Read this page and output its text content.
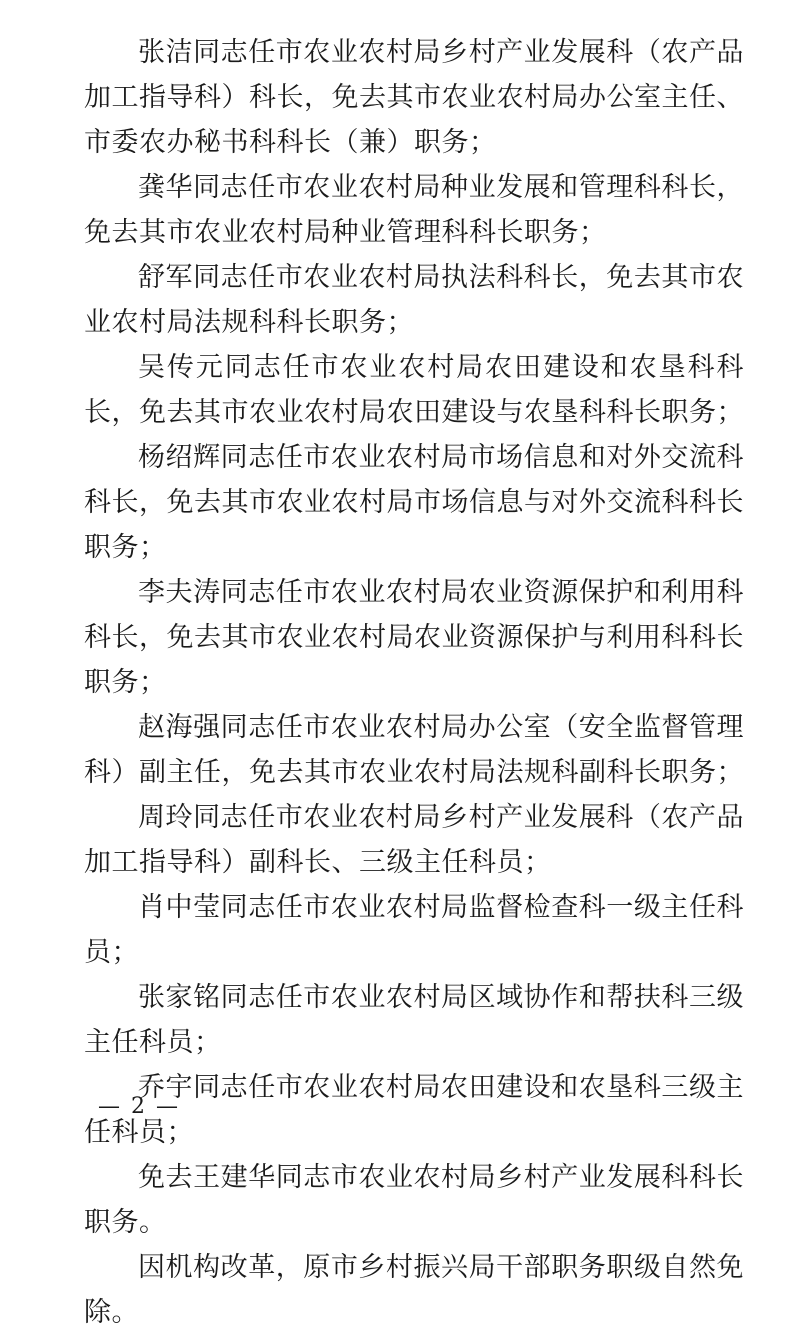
张洁同志任市农业农村局乡村产业发展科（农产品加工指导科）科长，免去其市农业农村局办公室主任、市委农办秘书科科长（兼）职务；

龚华同志任市农业农村局种业发展和管理科科长，免去其市农业农村局种业管理科科长职务；

舒军同志任市农业农村局执法科科长，免去其市农业农村局法规科科长职务；

吴传元同志任市农业农村局农田建设和农垦科科长，免去其市农业农村局农田建设与农垦科科长职务；

杨绍辉同志任市农业农村局市场信息和对外交流科科长，免去其市农业农村局市场信息与对外交流科科长职务；

李夫涛同志任市农业农村局农业资源保护和利用科科长，免去其市农业农村局农业资源保护与利用科科长职务；

赵海强同志任市农业农村局办公室（安全监督管理科）副主任，免去其市农业农村局法规科副科长职务；

周玲同志任市农业农村局乡村产业发展科（农产品加工指导科）副科长、三级主任科员；

肖中莹同志任市农业农村局监督检查科一级主任科员；

张家铭同志任市农业农村局区域协作和帮扶科三级主任科员；

乔宇同志任市农业农村局农田建设和农垦科三级主任科员；

免去王建华同志市农业农村局乡村产业发展科科长职务。

因机构改革，原市乡村振兴局干部职务职级自然免除。

— 2 —
